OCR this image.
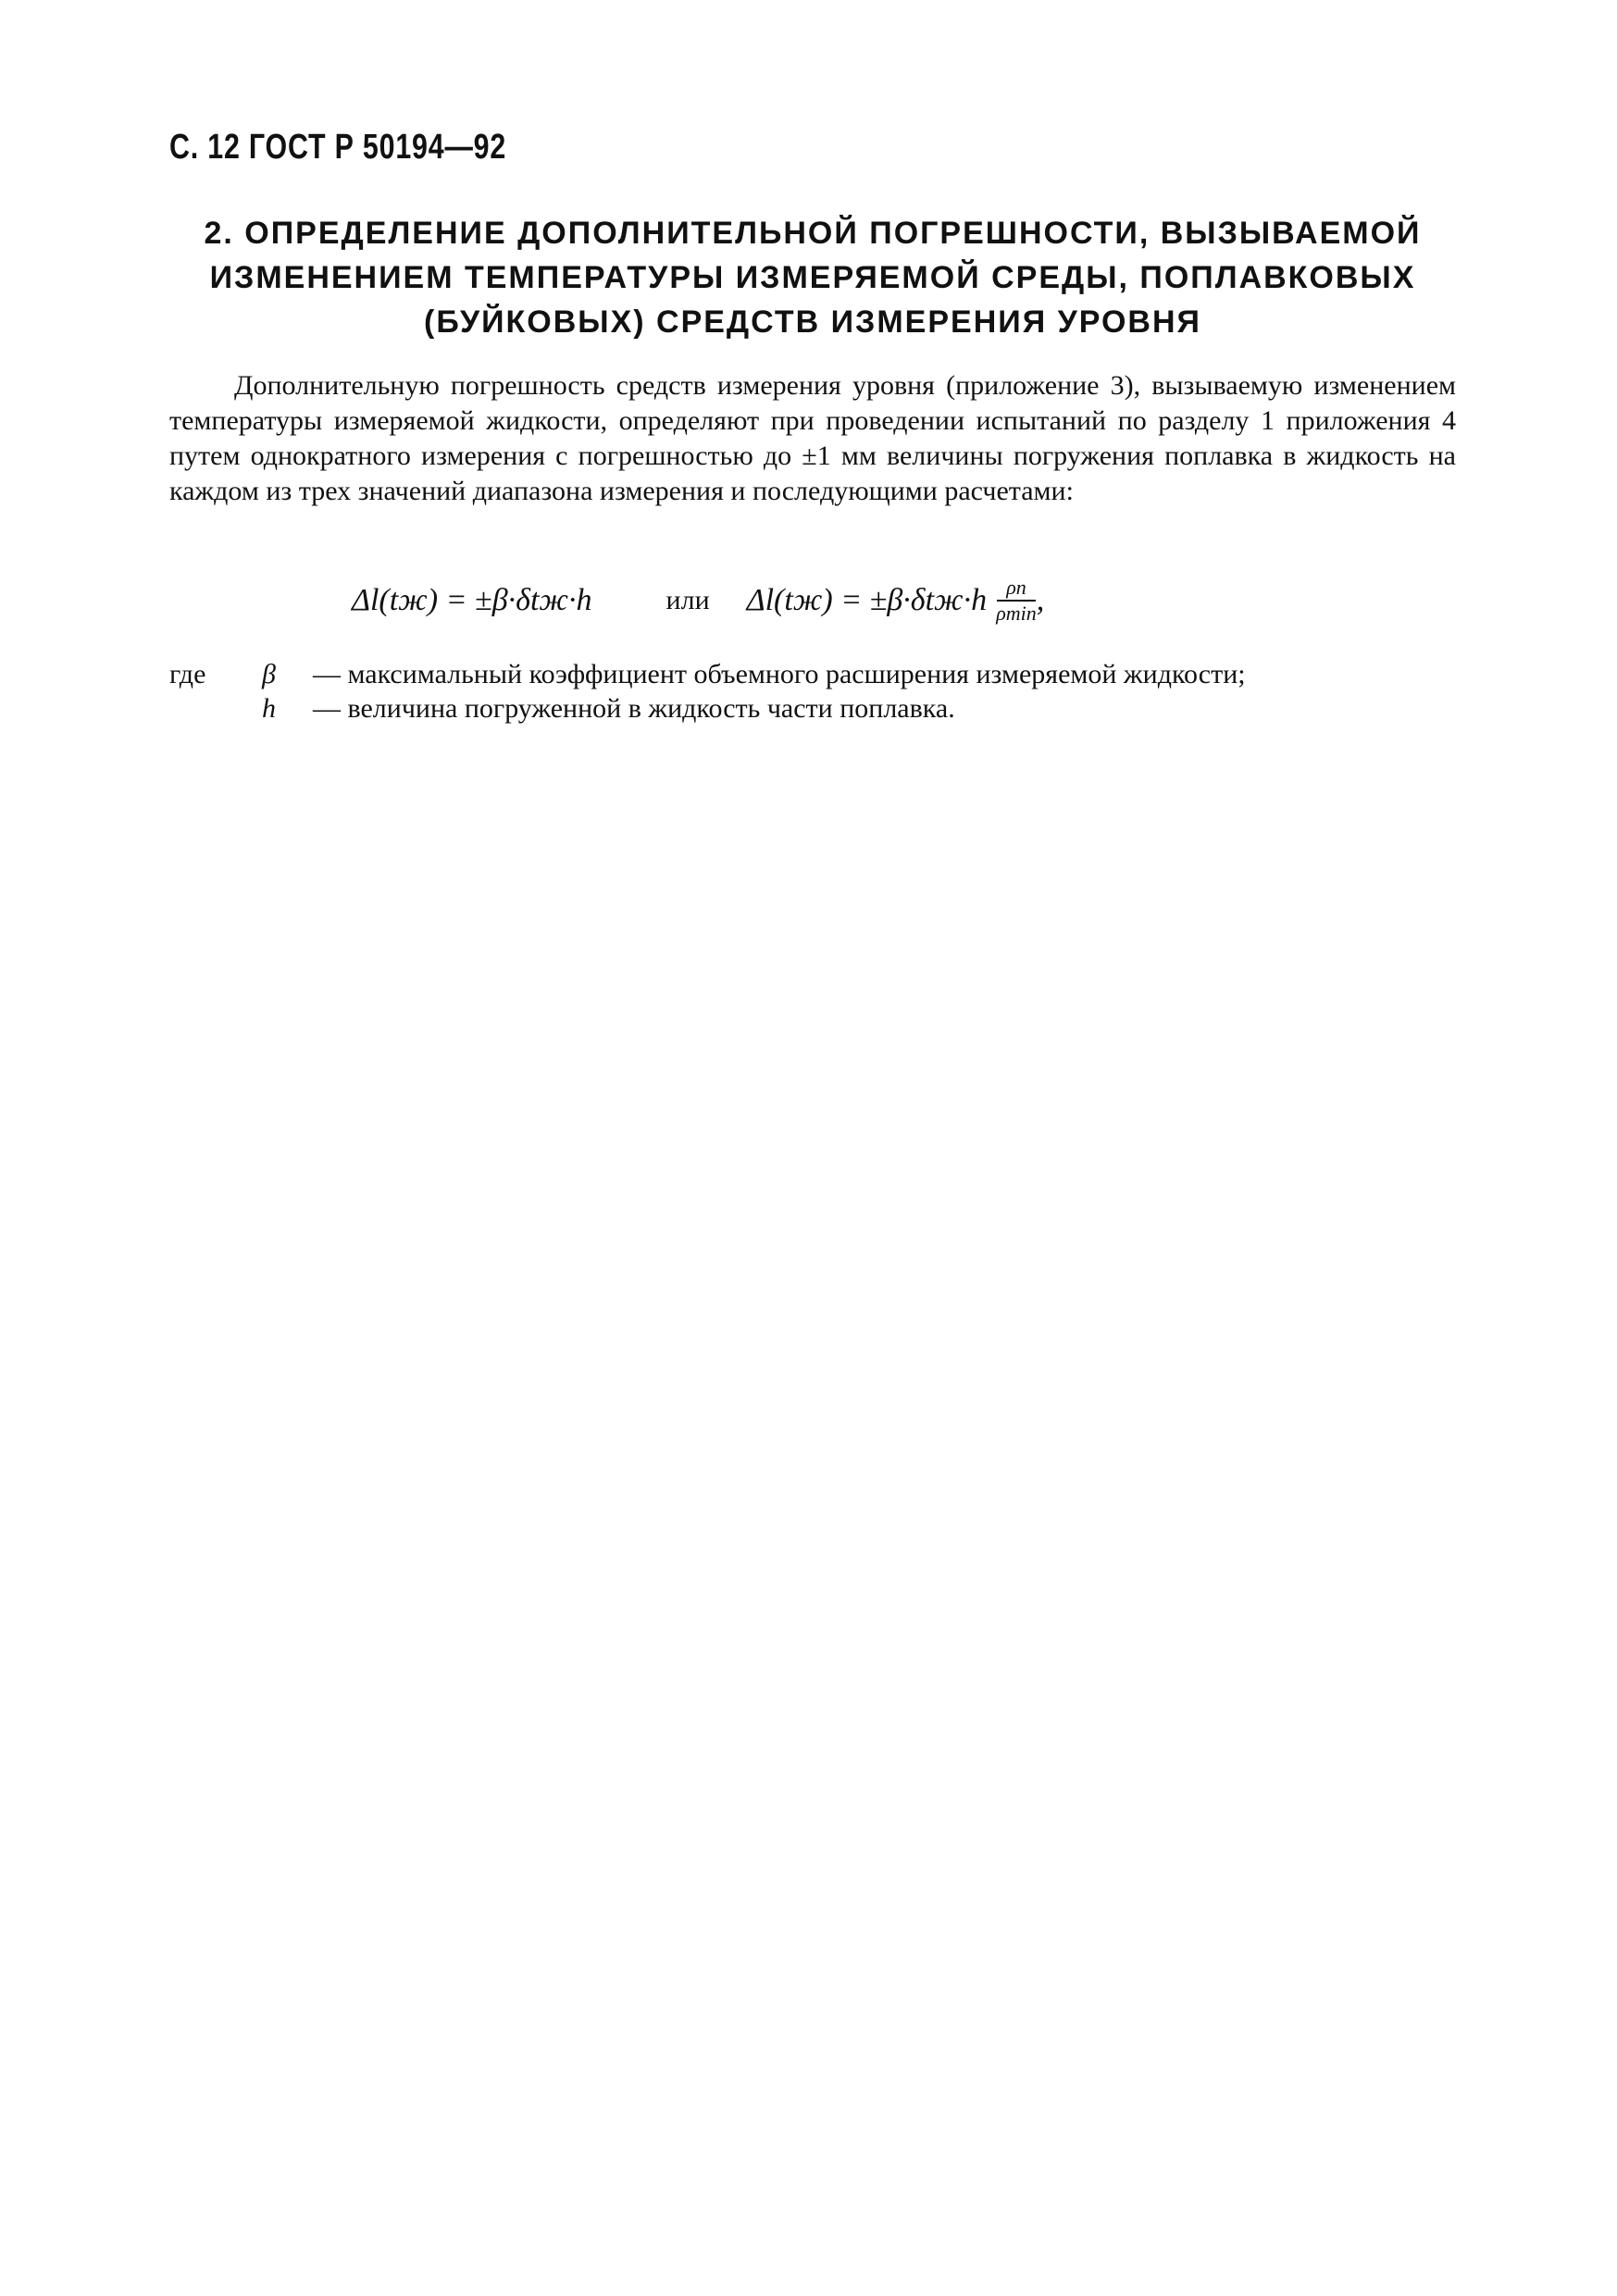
С. 12 ГОСТ Р 50194—92
2. ОПРЕДЕЛЕНИЕ ДОПОЛНИТЕЛЬНОЙ ПОГРЕШНОСТИ, ВЫЗЫВАЕМОЙ ИЗМЕНЕНИЕМ ТЕМПЕРАТУРЫ ИЗМЕРЯЕМОЙ СРЕДЫ, ПОПЛАВКОВЫХ (БУЙКОВЫХ) СРЕДСТВ ИЗМЕРЕНИЯ УРОВНЯ
Дополнительную погрешность средств измерения уровня (приложение 3), вызываемую изменением температуры измеряемой жидкости, определяют при проведении испытаний по разделу 1 приложения 4 путем однократного измерения с погрешностью до ±1 мм величины погружения поплавка в жидкость на каждом из трех значений диапазона измерения и последующими расчетами:
Δl(tж) = ±β·δtж·h	или $\Delta l(tж) = \pm\beta\cdot\delta tж\cdot h \frac{\rho п}{\rho\min}$ ,
где	β	— максимальный коэффициент объемного расширения измеряемой жидкости;
h	— величина погруженной в жидкость части поплавка.
